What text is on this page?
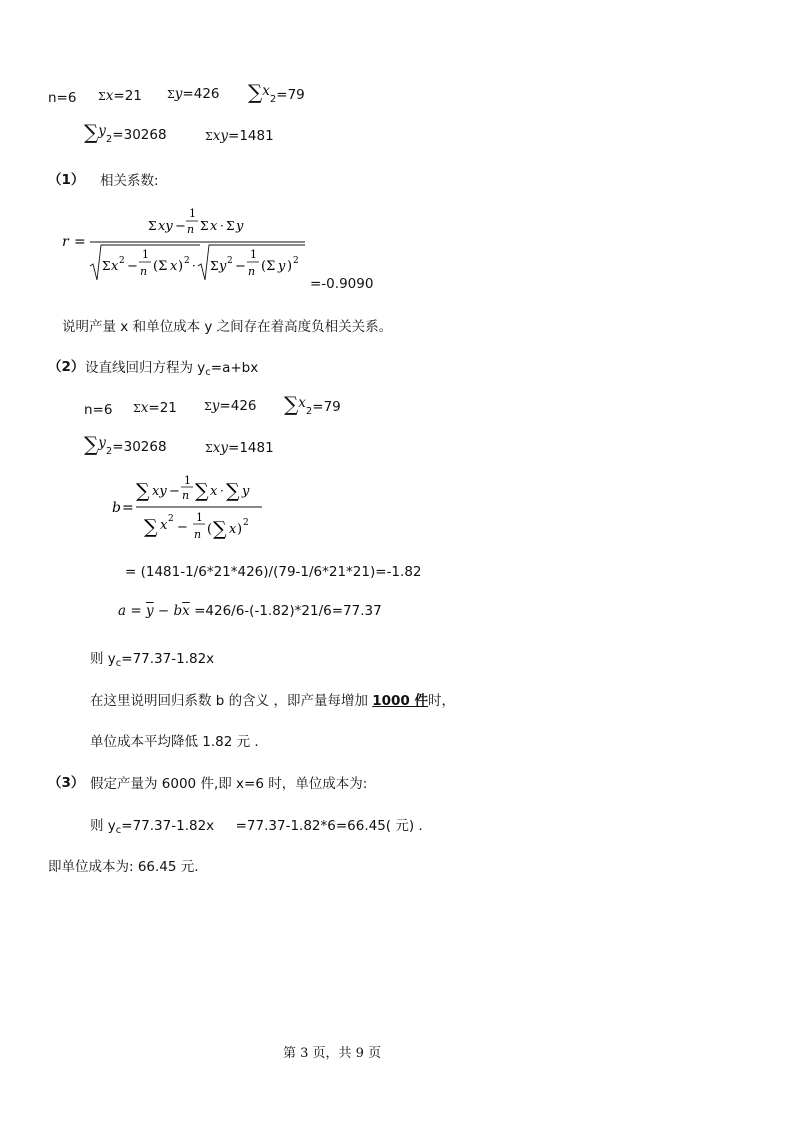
n=6 Σx=21 Σy=426 $\sum x_2=79$
$\sum y_2=30268$	Σxy=1481
（1） 相关系数:
r =
Σ xy −
1
n Σ x · Σ y
Σ x 2 −
1
n (Σ x ) 2 · Σ y 2 −
1
n (Σ y ) 2
=-0.9090
说明产量 x 和单位成本 y 之间存在着高度负相关关系。
（2） 设直线回归方程为 $y_c=a+bx$
n=6 Σx=21 Σy=426 $\sum x_2=79$
$\sum y_2=30268$	Σxy=1481
b =
∑ xy −
1
n ∑ x · ∑ y
∑ x 2
−
1
n ( ∑ x ) 2
= (1481-1/6*21*426)/(79-1/6*21*21)=-1.82
$a = \overline{y} - b\overline{x} =426/6-(-1.82)*21/6=77.37$
则 $y_c=77.37-1.82x$
在这里说明回归系数 b 的含义 ，即产量每增加 1000 件时，
单位成本平均降低 1.82 元 .
（3） 假定产量为 6000 件,即 x=6 时，单位成本为:
则 $y_c=77.37-1.82x$     =77.37-1.82*6=66.45( 元) .
即单位成本为: 66.45 元.
第 3 页，共 9 页
